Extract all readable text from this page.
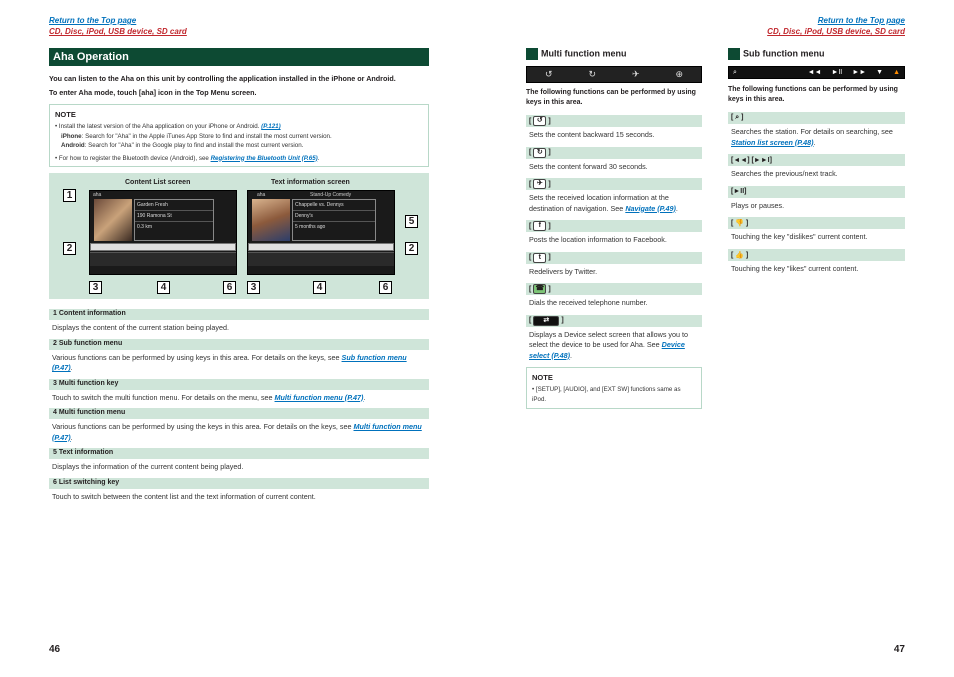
Return to the Top page
CD, Disc, iPod, USB device, SD card
Return to the Top page
CD, Disc, iPod, USB device, SD card
Aha Operation
You can listen to the Aha on this unit by controlling the application installed in the iPhone or Android.
To enter Aha mode, touch [aha] icon in the Top Menu screen.
NOTE
• Install the latest version of the Aha application on your iPhone or Android. (P.121)
iPhone: Search for "Aha" in the Apple iTunes App Store to find and install the most current version.
Android: Search for "Aha" in the Google play to find and install the most current version.
• For how to register the Bluetooth device (Android), see Registering the Bluetooth Unit (P.65).
Content List screen	Text information screen
aha
Garden Fresh
190 Ramona St
0.3 km
aha	Stand-Up Comedy
Chappelle vs. Dennys
Denny's
5 months ago
1
2
3	4	6	3	4	6
5
2
1 Content information
Displays the content of the current station being played.
2 Sub function menu
Various functions can be performed by using keys in this area. For details on the keys, see Sub function menu (P.47).
3 Multi function key
Touch to switch the multi function menu. For details on the menu, see Multi function menu (P.47).
4 Multi function menu
Various functions can be performed by using the keys in this area. For details on the keys, see Multi function menu (P.47).
5 Text information
Displays the information of the current content being played.
6 List switching key
Touch to switch between the content list and the text information of current content.
46	47
Multi function menu
↺	↻	✈	⊕
The following functions can be performed by using keys in this area.
[ ↺ ]
Sets the content backward 15 seconds.
[ ↻ ]
Sets the content forward 30 seconds.
[ ✈ ]
Sets the received location information at the destination of navigation. See Navigate (P.49).
[	f	]
Posts the location information to Facebook.
[	t	]
Redelivers by Twitter.
[ ☎ ]
Dials the received telephone number.
[	⇄	]
Displays a Device select screen that allows you to select the device to be used for Aha. See Device select (P.48).
NOTE
• [SETUP], [AUDIO], and [EXT SW] functions same as iPod.
Sub function menu
⌕	◄◄ ►II ►► ▼ ▲
The following functions can be performed by using keys in this area.
[ ⌕ ]
Searches the station. For details on searching, see Station list screen (P.48).
[◄◄] [►►I]
Searches the previous/next track.
[►II]
Plays or pauses.
[ 👎 ]
Touching the key "dislikes" current content.
[ 👍 ]
Touching the key "likes" current content.
